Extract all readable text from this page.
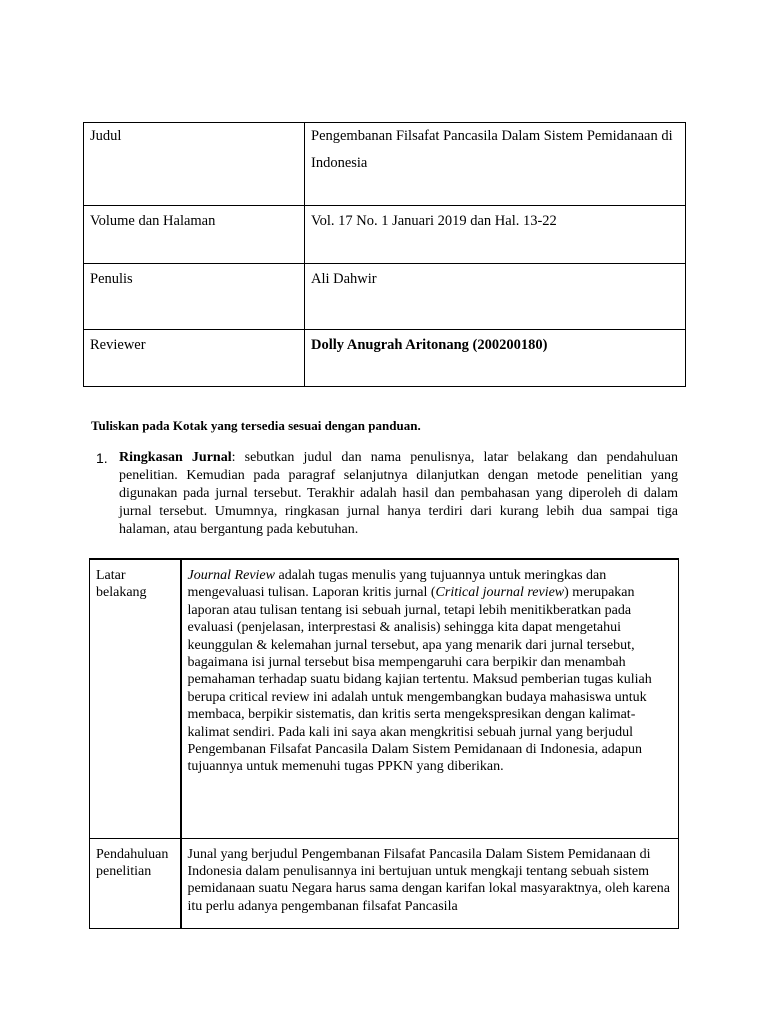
Judul	Pengembanan Filsafat Pancasila Dalam Sistem Pemidanaan di Indonesia
Volume dan Halaman	Vol. 17 No. 1 Januari 2019 dan Hal. 13-22
Penulis	Ali Dahwir
Reviewer	Dolly Anugrah Aritonang (200200180)
Tuliskan pada Kotak yang tersedia sesuai dengan panduan.
1. Ringkasan Jurnal: sebutkan judul dan nama penulisnya, latar belakang dan pendahuluan penelitian. Kemudian pada paragraf selanjutnya dilanjutkan dengan metode penelitian yang digunakan pada jurnal tersebut. Terakhir adalah hasil dan pembahasan yang diperoleh di dalam jurnal tersebut. Umumnya, ringkasan jurnal hanya terdiri dari kurang lebih dua sampai tiga halaman, atau bergantung pada kebutuhan.
Latar belakang	Journal Review adalah tugas menulis yang tujuannya untuk meringkas dan mengevaluasi tulisan. Laporan kritis jurnal (Critical journal review) merupakan laporan atau tulisan tentang isi sebuah jurnal, tetapi lebih menitikberatkan pada evaluasi (penjelasan, interprestasi & analisis) sehingga kita dapat mengetahui keunggulan & kelemahan jurnal tersebut, apa yang menarik dari jurnal tersebut, bagaimana isi jurnal tersebut bisa mempengaruhi cara berpikir dan menambah pemahaman terhadap suatu bidang kajian tertentu. Maksud pemberian tugas kuliah berupa critical review ini adalah untuk mengembangkan budaya mahasiswa untuk membaca, berpikir sistematis, dan kritis serta mengekspresikan dengan kalimat-kalimat sendiri. Pada kali ini saya akan mengkritisi sebuah jurnal yang berjudul Pengembanan Filsafat Pancasila Dalam Sistem Pemidanaan di Indonesia, adapun tujuannya untuk memenuhi tugas PPKN yang diberikan.
Pendahuluan penelitian	Junal yang berjudul Pengembanan Filsafat Pancasila Dalam Sistem Pemidanaan di Indonesia dalam penulisannya ini bertujuan untuk mengkaji tentang sebuah sistem pemidanaan suatu Negara harus sama dengan karifan lokal masyaraktnya, oleh karena itu perlu adanya pengembanan filsafat Pancasila
